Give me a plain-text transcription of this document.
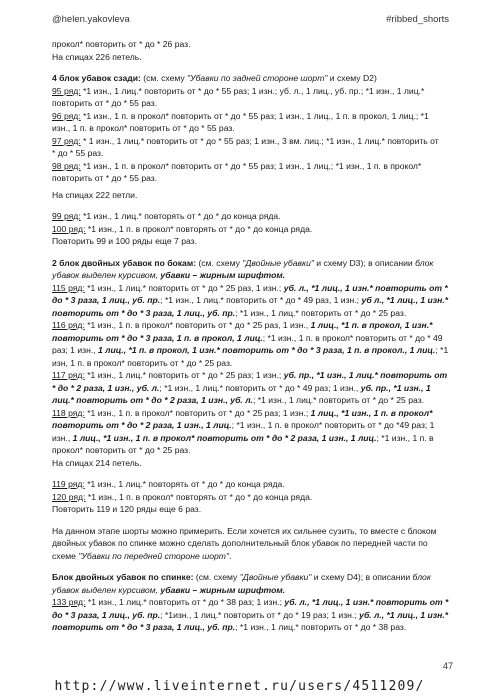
@helen.yakovleva	#ribbed_shorts

прокол* повторить от * до * 26 раз.

На спицах 226 петель.

4 блок убавок сзади: (см. схему "Убавки по задней стороне шорт" и схему D2)

95 ряд: *1 изн., 1 лиц.* повторить от * до * 55 раз; 1 изн.; уб. л., 1 лиц., уб. пр.; *1 изн., 1 лиц.*

повторить от * до * 55 раз.

96 ряд: *1 изн., 1 п. в прокол* повторить от * до * 55 раз; 1 изн., 1 лиц., 1 п. в прокол, 1 лиц.; *1

изн., 1 п. в прокол* повторить от * до * 55 раз.

97 ряд: * 1 изн., 1 лиц.* повторить от * до * 55 раз; 1 изн., 3 вм. лиц.; *1 изн., 1 лиц.* повторить от

* до * 55 раз.

98 ряд: *1 изн., 1 п. в прокол* повторить от * до * 55 раз; 1 изн., 1 лиц.; *1 изн., 1 п. в прокол*

повторить от * до * 55 раз.

На спицах 222 петли.

99 ряд: *1 изн., 1 лиц.* повторять от * до * до конца ряда.

100 ряд: *1 изн., 1 п. в прокол* повторять от * до * до конца ряда.

Повторить 99 и 100 ряды еще 7 раз.

2 блок двойных убавок по бокам: (см. схему "Двойные убавки" и схему D3); в описании блок

убавок выделен курсивом, убавки – жирным шрифтом.

115 ряд: *1 изн., 1 лиц.* повторить от * до * 25 раз, 1 изн.; уб. л., *1 лиц., 1 изн.* повторить от *

до * 3 раза, 1 лиц., уб. пр.; *1 изн., 1 лиц.* повторить от * до * 49 раз, 1 изн.; уб л., *1 лиц., 1 изн.*

повторить от * до * 3 раза, 1 лиц., уб. пр.; *1 изн., 1 лиц.* повторить от * до * 25 раз.

116 ряд: *1 изн., 1 п. в прокол* повторить от * до * 25 раз, 1 изн., 1 лиц., *1 п. в прокол, 1 изн.*

повторить от * до * 3 раза, 1 п. в прокол, 1 лиц.; *1 изн., 1 п. в прокол* повторить от * до * 49

раз; 1 изн., 1 лиц., *1 п. в прокол, 1 изн.* повторить от * до * 3 раза, 1 п. в прокол., 1 лиц.; *1

изн, 1 п. в прокол* повторить от * до * 25 раз.

117 ряд: *1 изн., 1 лиц.* повторить от * до * 25 раз; 1 изн.; уб. пр., *1 изн., 1 лиц.* повторить от

* до * 2 раза, 1 изн., уб. л.; *1 изн., 1 лиц.* повторить от * до * 49 раз; 1 изн., уб. пр., *1 изн., 1

лиц.* повторить от * до * 2 раза, 1 изн., уб. л.; *1 изн., 1 лиц.* повторить от * до * 25 раз.

118 ряд: *1 изн., 1 п. в прокол* повторить от * до * 25 раз; 1 изн.; 1 лиц., *1 изн., 1 п. в прокол*

повторить от * до * 2 раза, 1 изн., 1 лиц.; *1 изн., 1 п. в прокол* повторить от * до *49 раз; 1

изн., 1 лиц., *1 изн., 1 п. в прокол* повторить от * до * 2 раза, 1 изн., 1 лиц.; *1 изн., 1 п. в

прокол* повторить от * до * 25 раз.

На спицах 214 петель.

119 ряд: *1 изн., 1 лиц.* повторять от * до * до конца ряда.

120 ряд: *1 изн., 1 п. в прокол* повторять от * до * до конца ряда.

Повторить 119 и 120 ряды еще 6 раз.

На данном этапе шорты можно примерить. Если хочется их сильнее сузить, то вместе с блоком

двойных убавок по спинке можно сделать дополнительный блок убавок по передней части по

схеме "Убавки по передней стороне шорт".

Блок двойных убавок по спинке: (см. схему "Двойные убавки" и схему D4); в описании блок

убавок выделен курсивом, убавки – жирным шрифтом.

133 ряд: *1 изн., 1 лиц.* повторить от * до * 38 раз; 1 изн.; уб. л., *1 лиц., 1 изн.* повторить от *

до * 3 раза, 1 лиц., уб. пр.; *1изн., 1 лиц.* повторить от * до * 19 раз; 1 изн.; уб. л., *1 лиц., 1 изн.*

повторить от * до * 3 раза, 1 лиц., уб. пр.; *1 изн., 1 лиц.* повторить от * до * 38 раз.

47
http://www.liveinternet.ru/users/4511209/
